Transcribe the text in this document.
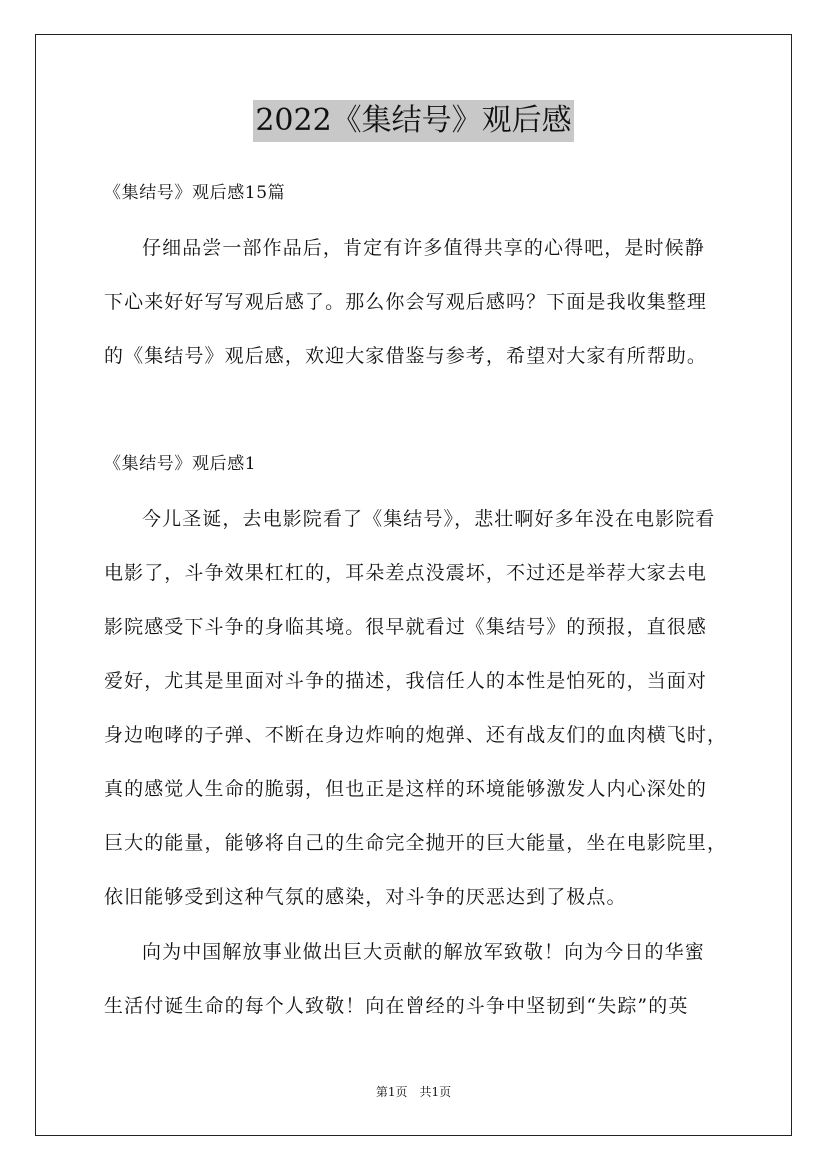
2022《集结号》观后感
《集结号》观后感15篇
仔细品尝一部作品后，肯定有许多值得共享的心得吧，是时候静
下心来好好写写观后感了。那么你会写观后感吗？下面是我收集整理
的《集结号》观后感，欢迎大家借鉴与参考，希望对大家有所帮助。
《集结号》观后感1
今儿圣诞，去电影院看了《集结号》，悲壮啊好多年没在电影院看
电影了，斗争效果杠杠的，耳朵差点没震坏，不过还是举荐大家去电
影院感受下斗争的身临其境。很早就看过《集结号》的预报，直很感
爱好，尤其是里面对斗争的描述，我信任人的本性是怕死的，当面对
身边咆哮的子弹、不断在身边炸响的炮弹、还有战友们的血肉横飞时，
真的感觉人生命的脆弱，但也正是这样的环境能够激发人内心深处的
巨大的能量，能够将自己的生命完全抛开的巨大能量，坐在电影院里，
依旧能够受到这种气氛的感染，对斗争的厌恶达到了极点。
向为中国解放事业做出巨大贡献的解放军致敬！向为今日的华蜜
生活付诞生命的每个人致敬！向在曾经的斗争中坚韧到“失踪”的英
第1页　共1页
